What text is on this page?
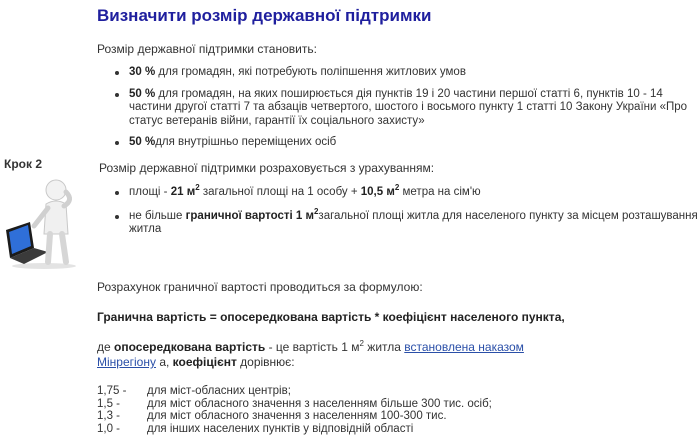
Визначити розмір державної підтримки
Крок 2

Розмір державної підтримки становить:

30 % для громадян, які потребують поліпшення житлових умов
50 % для громадян, на яких поширюється дія пунктів 19 і 20 частини першої статті 6, пунктів 10 - 14 частини другої статті 7 та абзаців четвертого, шостого і восьмого пункту 1 статті 10 Закону України «Про статус ветеранів війни, гарантії їх соціального захисту»
50 %для внутрішньо переміщених осіб

Розмір державної підтримки розраховується з урахуванням:

площі - 21 $м^2$ загальної площі на 1 особу + 10,5 $м^2$ метра на сім'ю
не більше граничної вартості 1 $м^2загальної$ площі житла для населеного пункту за місцем розташування житла

Розрахунок граничної вартості проводиться за формулою:

Гранична вартість = опосередкована вартість * коефіцієнт населеного пункта,

де опосередкована вартість - це вартість 1 $м^2$ житла встановлена наказом
Мінрегіону а, коефіцієнт дорівнює:

1,75 -	для міст-обласних центрів;
1,5 -	для міст обласного значення з населенням більше 300 тис. осіб;
1,3 -	для міст обласного значення з населенням 100-300 тис.
1,0 -	для інших населених пунктів у відповідній області
